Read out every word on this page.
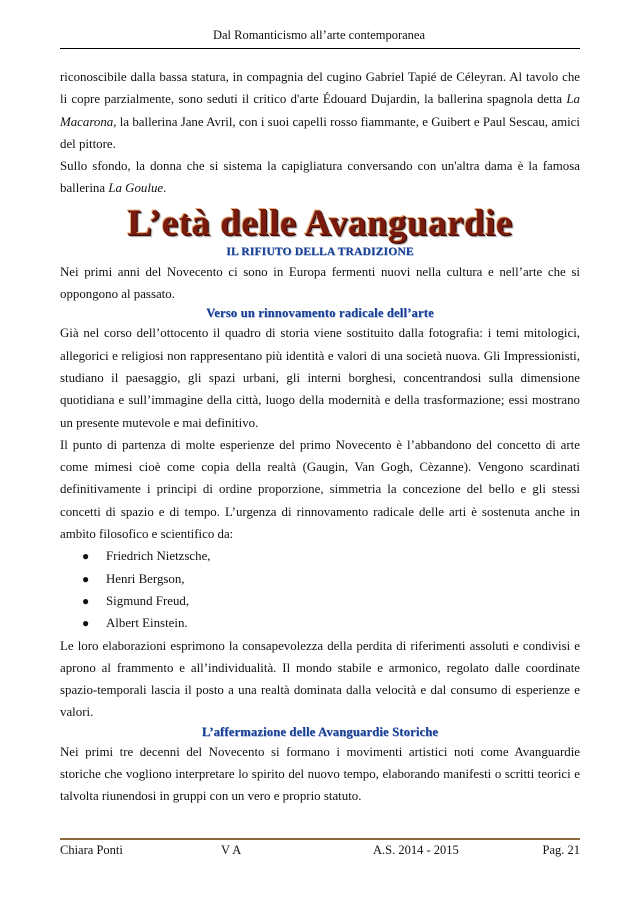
Dal Romanticismo all’arte contemporanea

riconoscibile dalla bassa statura, in compagnia del cugino Gabriel Tapié de Céleyran. Al tavolo che li copre parzialmente, sono seduti il critico d'arte Édouard Dujardin, la ballerina spagnola detta La Macarona, la ballerina Jane Avril, con i suoi capelli rosso fiammante, e Guibert e Paul Sescau, amici del pittore.

Sullo sfondo, la donna che si sistema la capigliatura conversando con un'altra dama è la famosa ballerina La Goulue.

L’età delle Avanguardie
IL RIFIUTO DELLA TRADIZIONE

Nei primi anni del Novecento ci sono in Europa fermenti nuovi nella cultura e nell’arte che si oppongono al passato.

Verso un rinnovamento radicale dell’arte

Già nel corso dell’ottocento il quadro di storia viene sostituito dalla fotografia: i temi mitologici, allegorici e religiosi non rappresentano più identità e valori di una società nuova. Gli Impressionisti, studiano il paesaggio, gli spazi urbani, gli interni borghesi, concentrandosi sulla dimensione quotidiana e sull’immagine della città, luogo della modernità e della trasformazione; essi mostrano un presente mutevole e mai definitivo.

Il punto di partenza di molte esperienze del primo Novecento è l’abbandono del concetto di arte come mimesi cioè come copia della realtà (Gaugin, Van Gogh, Cèzanne). Vengono scardinati definitivamente i principi di ordine proporzione, simmetria la concezione del bello e gli stessi concetti di spazio e di tempo. L’urgenza di rinnovamento radicale delle arti è sostenuta anche in ambito filosofico e scientifico da:

● Friedrich Nietzsche,
● Henri Bergson,
● Sigmund Freud,
● Albert Einstein.

Le loro elaborazioni esprimono la consapevolezza della perdita di riferimenti assoluti e condivisi e aprono al frammento e all’individualità. Il mondo stabile e armonico, regolato dalle coordinate spazio-temporali lascia il posto a una realtà dominata dalla velocità e dal consumo di esperienze e valori.

L’affermazione delle Avanguardie Storiche

Nei primi tre decenni del Novecento si formano i movimenti artistici noti come Avanguardie storiche che vogliono interpretare lo spirito del nuovo tempo, elaborando manifesti o scritti teorici e talvolta riunendosi in gruppi con un vero e proprio statuto.

Chiara Ponti	V A	A.S. 2014 - 2015	Pag. 21
